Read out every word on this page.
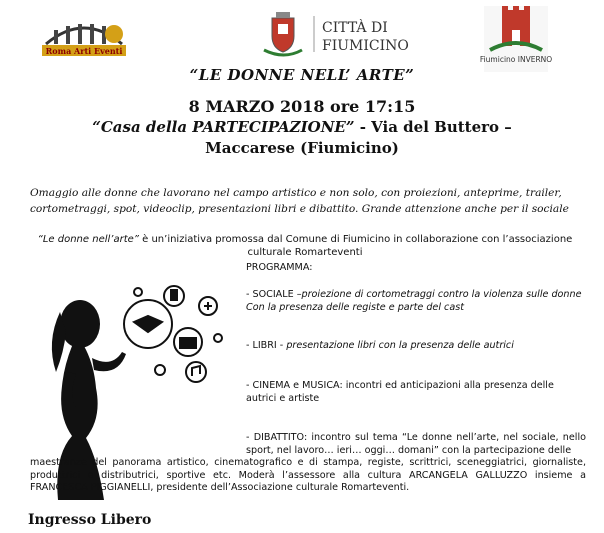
Roma Arti Eventi
CITTÀ DI
FIUMICINO
Fiumicino INVERNO
“LE DONNE NELL’ ARTE”
8 MARZO 2018 ore 17:15
“Casa della PARTECIPAZIONE” - Via del Buttero –
Maccarese (Fiumicino)
Omaggio alle donne che lavorano nel campo artistico e non solo, con proiezioni, anteprime, trailer, cortometraggi, spot, videoclip, presentazioni libri e dibattito. Grande attenzione anche per il sociale
“Le donne nell’arte” è un’iniziativa promossa dal Comune di Fiumicino in collaborazione con l’associazione culturale Romarteventi
PROGRAMMA:
- SOCIALE –proiezione di cortometraggi contro la violenza sulle donne
Con la presenza delle registe e parte del cast
- LIBRI - presentazione libri con la presenza delle autrici
- CINEMA e MUSICA: incontri ed anticipazioni alla presenza delle autrici e artiste
- DIBATTITO: incontro sul tema “Le donne nell’arte, nel sociale, nello sport, nel lavoro… ieri… oggi… domani” con la partecipazione delle
maestranze del panorama artistico, cinematografico e di stampa, registe, scrittrici, sceneggiatrici, giornaliste, produttrici e distributrici, sportive etc. Moderà l’assessore alla cultura ARCANGELA GALLUZZO insieme a FRANCESCA PIGGIANELLI, presidente dell’Associazione culturale Romarteventi.
Ingresso Libero
